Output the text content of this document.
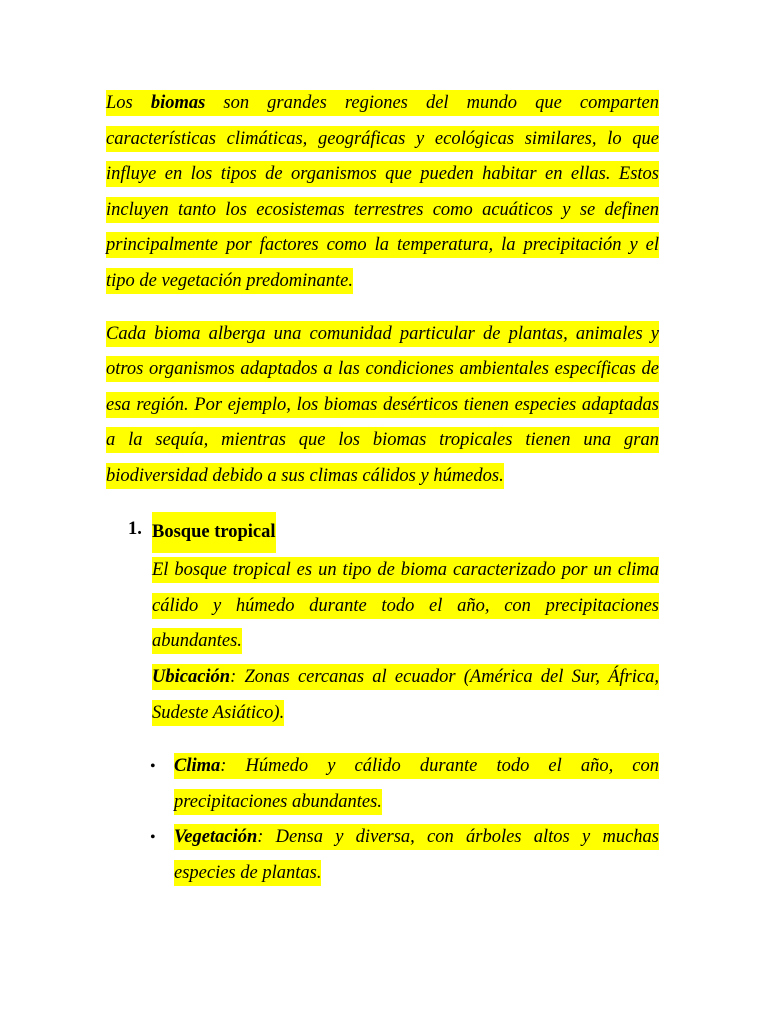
Los biomas son grandes regiones del mundo que comparten características climáticas, geográficas y ecológicas similares, lo que influye en los tipos de organismos que pueden habitar en ellas. Estos incluyen tanto los ecosistemas terrestres como acuáticos y se definen principalmente por factores como la temperatura, la precipitación y el tipo de vegetación predominante.

Cada bioma alberga una comunidad particular de plantas, animales y otros organismos adaptados a las condiciones ambientales específicas de esa región. Por ejemplo, los biomas desérticos tienen especies adaptadas a la sequía, mientras que los biomas tropicales tienen una gran biodiversidad debido a sus climas cálidos y húmedos.

1. Bosque tropical
El bosque tropical es un tipo de bioma caracterizado por un clima cálido y húmedo durante todo el año, con precipitaciones abundantes.
Ubicación: Zonas cercanas al ecuador (América del Sur, África, Sudeste Asiático).
• Clima: Húmedo y cálido durante todo el año, con precipitaciones abundantes.
• Vegetación: Densa y diversa, con árboles altos y muchas especies de plantas.
